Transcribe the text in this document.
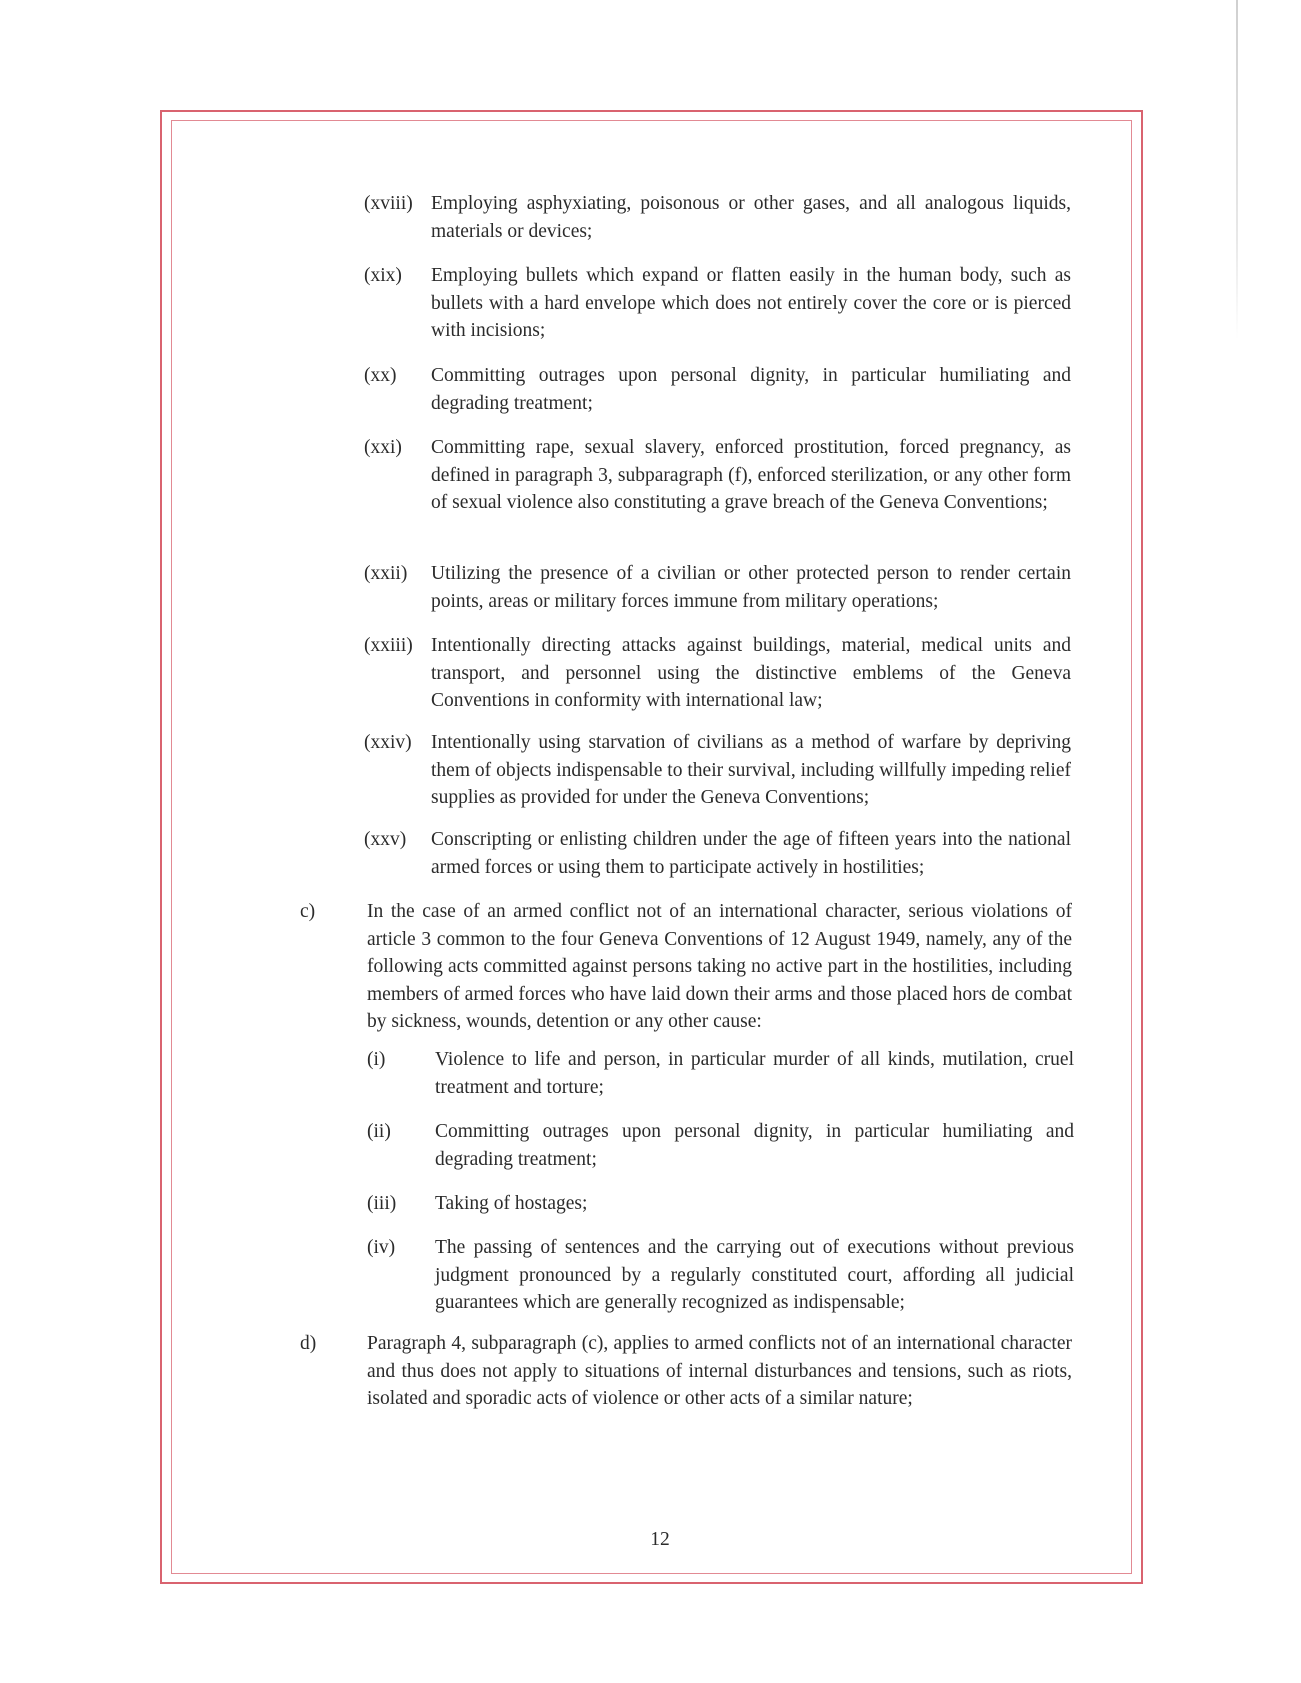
(xviii) Employing asphyxiating, poisonous or other gases, and all analogous liquids, materials or devices;
(xix)	Employing bullets which expand or flatten easily in the human body, such as bullets with a hard envelope which does not entirely cover the core or is pierced with incisions;
(xx)	Committing outrages upon personal dignity, in particular humiliating and degrading treatment;
(xxi)	Committing rape, sexual slavery, enforced prostitution, forced pregnancy, as defined in paragraph 3, subparagraph (f), enforced sterilization, or any other form of sexual violence also constituting a grave breach of the Geneva Conventions;
(xxii)	Utilizing the presence of a civilian or other protected person to render certain points, areas or military forces immune from military operations;
(xxiii) Intentionally directing attacks against buildings, material, medical units and transport, and personnel using the distinctive emblems of the Geneva Conventions in conformity with international law;
(xxiv) Intentionally using starvation of civilians as a method of warfare by depriving them of objects indispensable to their survival, including willfully impeding relief supplies as provided for under the Geneva Conventions;
(xxv)	Conscripting or enlisting children under the age of fifteen years into the national armed forces or using them to participate actively in hostilities;
c)	In the case of an armed conflict not of an international character, serious violations of article 3 common to the four Geneva Conventions of 12 August 1949, namely, any of the following acts committed against persons taking no active part in the hostilities, including members of armed forces who have laid down their arms and those placed hors de combat by sickness, wounds, detention or any other cause:
(i)	Violence to life and person, in particular murder of all kinds, mutilation, cruel treatment and torture;
(ii)	Committing outrages upon personal dignity, in particular humiliating and degrading treatment;
(iii)	Taking of hostages;
(iv)	The passing of sentences and the carrying out of executions without previous judgment pronounced by a regularly constituted court, affording all judicial guarantees which are generally recognized as indispensable;
d)	Paragraph 4, subparagraph (c), applies to armed conflicts not of an international character and thus does not apply to situations of internal disturbances and tensions, such as riots, isolated and sporadic acts of violence or other acts of a similar nature;
12
